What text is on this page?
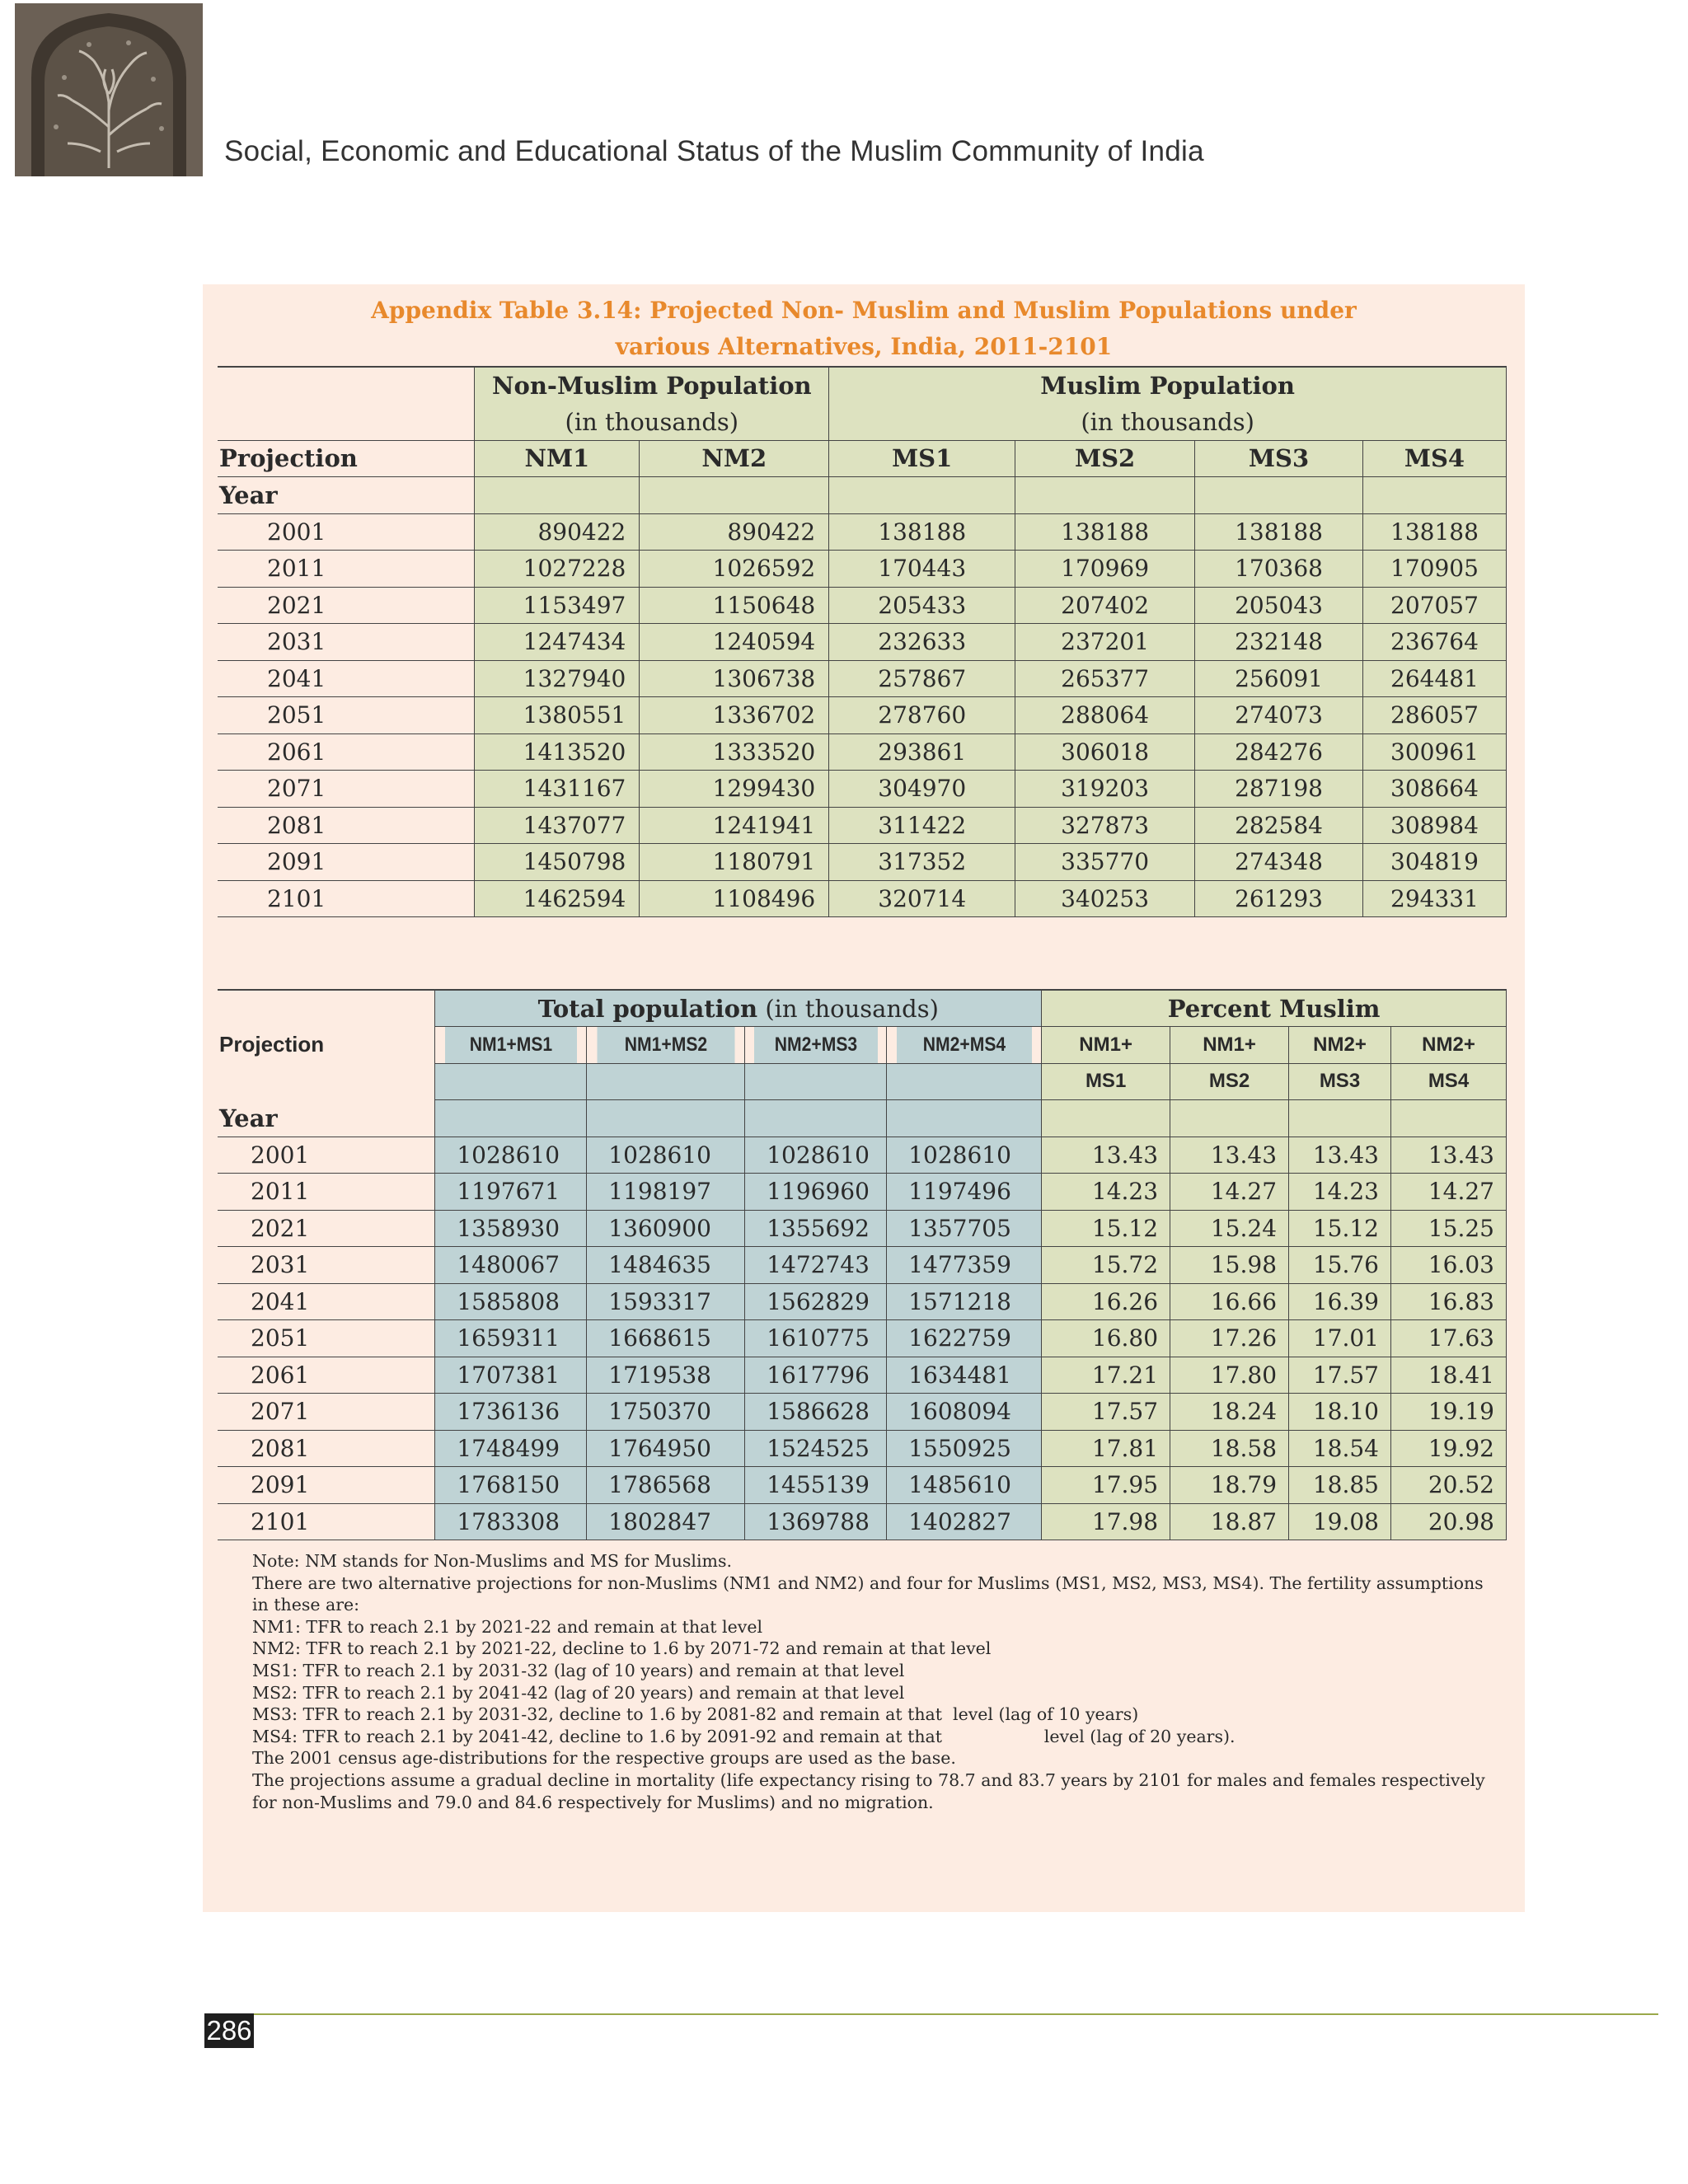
Social, Economic and Educational Status of the Muslim Community of India
Appendix Table 3.14: Projected Non- Muslim and Muslim Populations under
various Alternatives, India, 2011-2101
	Non-Muslim Population		Muslim Population			
	(in thousands)		(in thousands)			
Projection	NM1	NM2	MS1	MS2	MS3	MS4
Year						
2001	890422	890422	138188	138188	138188	138188
2011	1027228	1026592	170443	170969	170368	170905
2021	1153497	1150648	205433	207402	205043	207057
2031	1247434	1240594	232633	237201	232148	236764
2041	1327940	1306738	257867	265377	256091	264481
2051	1380551	1336702	278760	288064	274073	286057
2061	1413520	1333520	293861	306018	284276	300961
2071	1431167	1299430	304970	319203	287198	308664
2081	1437077	1241941	311422	327873	282584	308984
2091	1450798	1180791	317352	335770	274348	304819
2101	1462594	1108496	320714	340253	261293	294331
	Total population (in thousands)				Percent Muslim			
Projection	NM1+MS1	NM1+MS2	NM2+MS3	NM2+MS4	NM1+	NM1+	NM2+	NM2+
					MS1	MS2	MS3	MS4
Year								
2001	1028610	1028610	1028610	1028610	13.43	13.43	13.43	13.43
2011	1197671	1198197	1196960	1197496	14.23	14.27	14.23	14.27
2021	1358930	1360900	1355692	1357705	15.12	15.24	15.12	15.25
2031	1480067	1484635	1472743	1477359	15.72	15.98	15.76	16.03
2041	1585808	1593317	1562829	1571218	16.26	16.66	16.39	16.83
2051	1659311	1668615	1610775	1622759	16.80	17.26	17.01	17.63
2061	1707381	1719538	1617796	1634481	17.21	17.80	17.57	18.41
2071	1736136	1750370	1586628	1608094	17.57	18.24	18.10	19.19
2081	1748499	1764950	1524525	1550925	17.81	18.58	18.54	19.92
2091	1768150	1786568	1455139	1485610	17.95	18.79	18.85	20.52
2101	1783308	1802847	1369788	1402827	17.98	18.87	19.08	20.98

Note: NM stands for Non-Muslims and MS for Muslims.

There are two alternative projections for non-Muslims (NM1 and NM2) and four for Muslims (MS1, MS2, MS3, MS4). The fertility assumptions in these are:

NM1: TFR to reach 2.1 by 2021-22 and remain at that level

NM2: TFR to reach 2.1 by 2021-22, decline to 1.6 by 2071-72 and remain at that level

MS1: TFR to reach 2.1 by 2031-32 (lag of 10 years) and remain at that level

MS2: TFR to reach 2.1 by 2041-42 (lag of 20 years) and remain at that level

MS3: TFR to reach 2.1 by 2031-32, decline to 1.6 by 2081-82 and remain at that  level (lag of 10 years)

MS4: TFR to reach 2.1 by 2041-42, decline to 1.6 by 2091-92 and remain at that                   level (lag of 20 years).

The 2001 census age-distributions for the respective groups are used as the base.

The projections assume a gradual decline in mortality (life expectancy rising to 78.7 and 83.7 years by 2101 for males and females respectively for non-Muslims and 79.0 and 84.6 respectively for Muslims) and no migration.

286
